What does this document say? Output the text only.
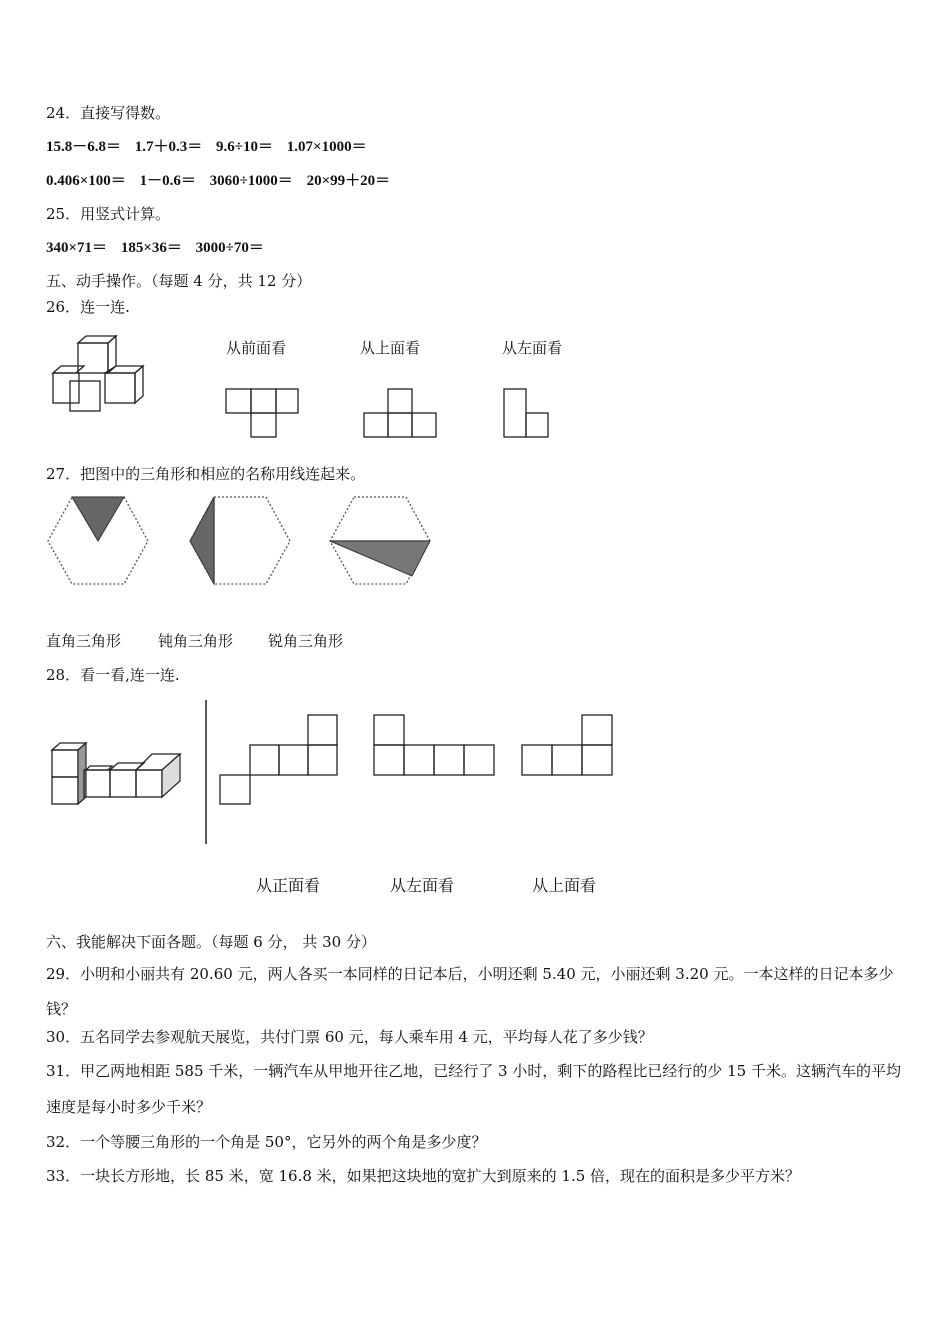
24．直接写得数。
15.8－6.8＝ 1.7＋0.3＝ 9.6÷10＝ 1.07×1000＝
0.406×100＝ 1－0.6＝ 3060÷1000＝ 20×99＋20＝
25．用竖式计算。
340×71＝ 185×36＝ 3000÷70＝
五、动手操作。（每题 4 分，共 12 分）
26．连一连.
从前面看	从上面看	从左面看
27．把图中的三角形和相应的名称用线连起来。
直角三角形 钝角三角形 锐角三角形
28．看一看,连一连.
从正面看	从左面看	从上面看
六、我能解决下面各题。（每题 6 分， 共 30 分）
29．小明和小丽共有 20.60 元，两人各买一本同样的日记本后，小明还剩 5.40 元，小丽还剩 3.20 元。一本这样的日记本多少钱？
30．五名同学去参观航天展览，共付门票 60 元，每人乘车用 4 元，平均每人花了多少钱？
31．甲乙两地相距 585 千米，一辆汽车从甲地开往乙地，已经行了 3 小时，剩下的路程比已经行的少 15 千米。这辆汽车的平均速度是每小时多少千米？
32．一个等腰三角形的一个角是 50°，它另外的两个角是多少度？
33．一块长方形地，长 85 米，宽 16.8 米，如果把这块地的宽扩大到原来的 1.5 倍，现在的面积是多少平方米？
